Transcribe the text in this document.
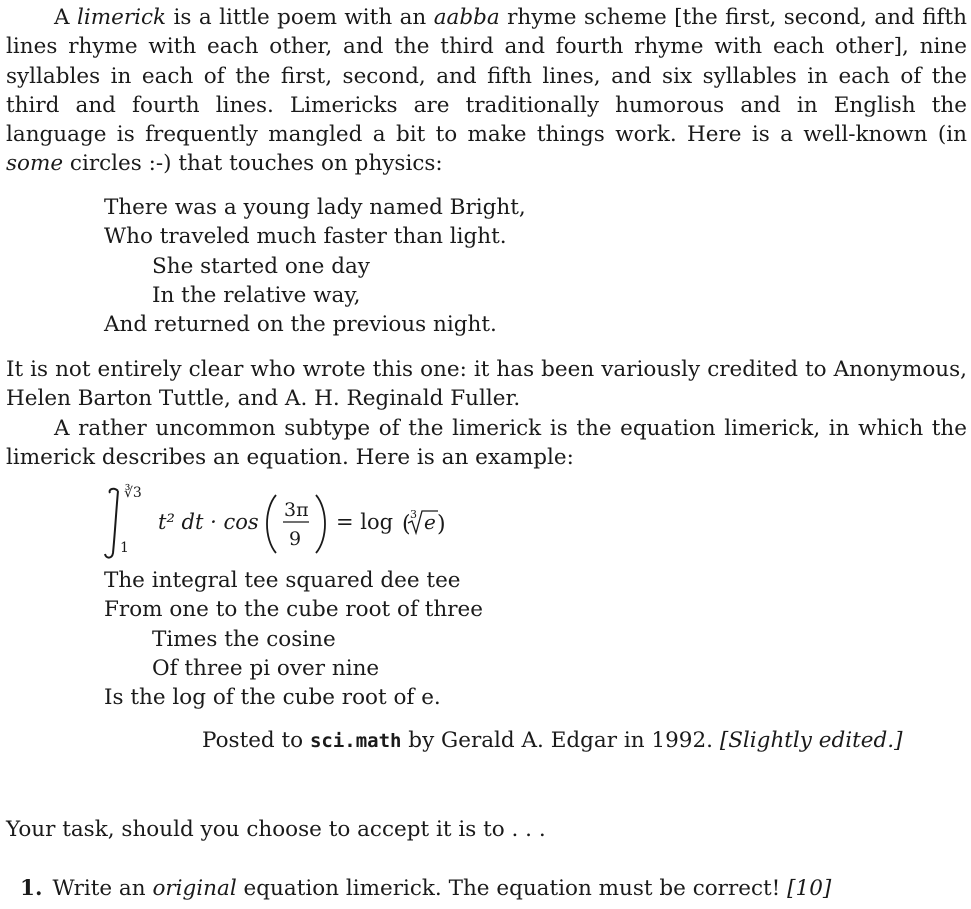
A limerick is a little poem with an aabba rhyme scheme [the first, second, and fifth lines rhyme with each other, and the third and fourth rhyme with each other], nine syllables in each of the first, second, and fifth lines, and six syllables in each of the third and fourth lines. Limericks are traditionally humorous and in English the language is frequently mangled a bit to make things work. Here is a well-known (in some circles :-) that touches on physics:

There was a young lady named Bright,
Who traveled much faster than light.
She started one day
In the relative way,
And returned on the previous night.

It is not entirely clear who wrote this one: it has been variously credited to Anonymous, Helen Barton Tuttle, and A. H. Reginald Fuller.

A rather uncommon subtype of the limerick is the equation limerick, in which the limerick describes an equation. Here is an example:

∛3
1
t² dt · cos 3π
9
= log ( 3 e )
The integral tee squared dee tee
From one to the cube root of three
Times the cosine
Of three pi over nine
Is the log of the cube root of e.
Posted to sci.math by Gerald A. Edgar in 1992. [Slightly edited.]
Your task, should you choose to accept it is to . . .
1. Write an original equation limerick. The equation must be correct! [10]
